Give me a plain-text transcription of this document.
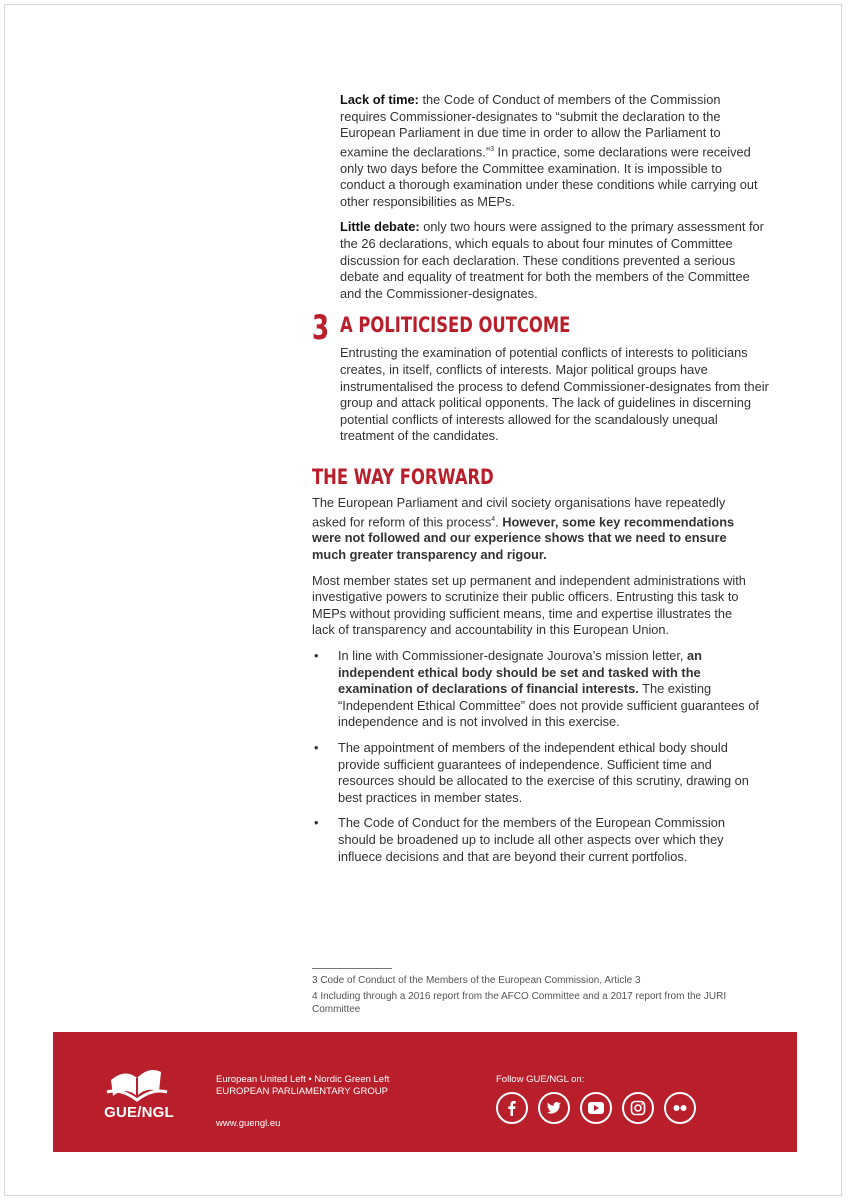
Lack of time: the Code of Conduct of members of the Commission requires Commissioner-designates to “submit the declaration to the European Parliament in due time in order to allow the Parliament to examine the declarations.”$^3$ In practice, some declarations were received only two days before the Committee examination. It is impossible to conduct a thorough examination under these conditions while carrying out other responsibilities as MEPs.

Little debate: only two hours were assigned to the primary assessment for the 26 declarations, which equals to about four minutes of Committee discussion for each declaration. These conditions prevented a serious debate and equality of treatment for both the members of the Committee and the Commissioner-designates.

3 A POLITICISED OUTCOME

Entrusting the examination of potential conflicts of interests to politicians creates, in itself, conflicts of interests. Major political groups have instrumentalised the process to defend Commissioner-designates from their group and attack political opponents. The lack of guidelines in discerning potential conflicts of interests allowed for the scandalously unequal treatment of the candidates.

THE WAY FORWARD

The European Parliament and civil society organisations have repeatedly asked for reform of this process$^4$. However, some key recommendations were not followed and our experience shows that we need to ensure much greater transparency and rigour.

Most member states set up permanent and independent administrations with investigative powers to scrutinize their public officers. Entrusting this task to MEPs without providing sufficient means, time and expertise illustrates the lack of transparency and accountability in this European Union.

• In line with Commissioner-designate Jourova’s mission letter, an independent ethical body should be set and tasked with the examination of declarations of financial interests. The existing “Independent Ethical Committee” does not provide sufficient guarantees of independence and is not involved in this exercise.
• The appointment of members of the independent ethical body should provide sufficient guarantees of independence. Sufficient time and resources should be allocated to the exercise of this scrutiny, drawing on best practices in member states.
• The Code of Conduct for the members of the European Commission should be broadened up to include all other aspects over which they influece decisions and that are beyond their current portfolios.
3 Code of Conduct of the Members of the European Commission, Article 3
4 Including through a 2016 report from the AFCO Committee and a 2017 report from the JURI Committee
GUE/NGL
European United Left • Nordic Green Left
EUROPEAN PARLIAMENTARY GROUP
www.guengl.eu
Follow GUE/NGL on:
